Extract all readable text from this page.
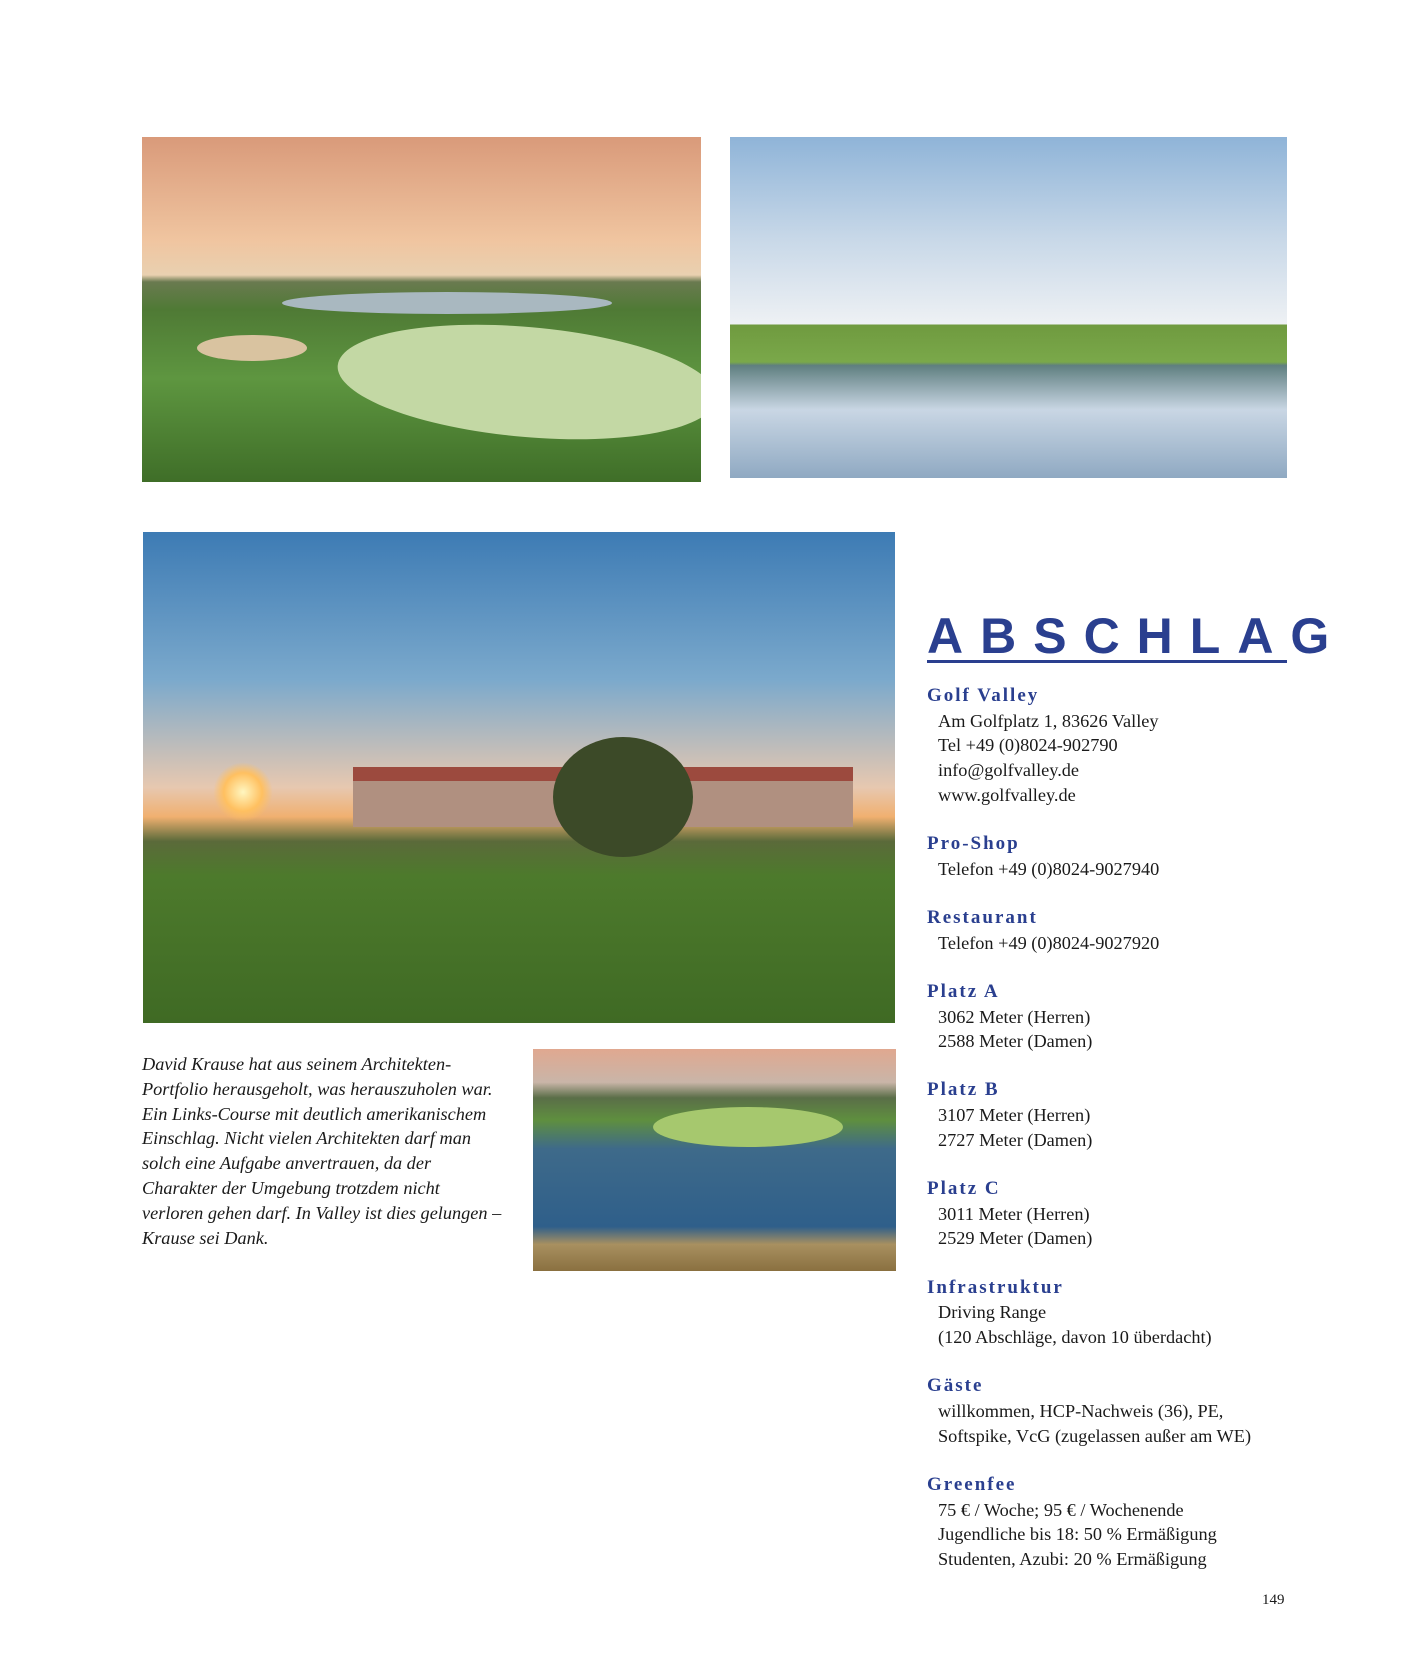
David Krause hat aus seinem Architekten-Portfolio herausgeholt, was herauszuholen war. Ein Links-Course mit deutlich amerikanischem Einschlag. Nicht vielen Architekten darf man solch eine Aufgabe anvertrauen, da der Charakter der Umgebung trotzdem nicht verloren gehen darf. In Valley ist dies gelungen – Krause sei Dank.

ABSCHLAG
Golf Valley

Am Golfplatz 1, 83626 Valley

Tel +49 (0)8024-902790

info@golfvalley.de

www.golfvalley.de

Pro-Shop

Telefon +49 (0)8024-9027940

Restaurant

Telefon +49 (0)8024-9027920

Platz A

3062 Meter (Herren)

2588 Meter (Damen)

Platz B

3107 Meter (Herren)

2727 Meter (Damen)

Platz C

3011 Meter (Herren)

2529 Meter (Damen)

Infrastruktur

Driving Range

(120 Abschläge, davon 10 überdacht)

Gäste

willkommen, HCP-Nachweis (36), PE,

Softspike, VcG (zugelassen außer am WE)

Greenfee

75 € / Woche; 95 € / Wochenende

Jugendliche bis 18: 50 % Ermäßigung

Studenten, Azubi: 20 % Ermäßigung

149
